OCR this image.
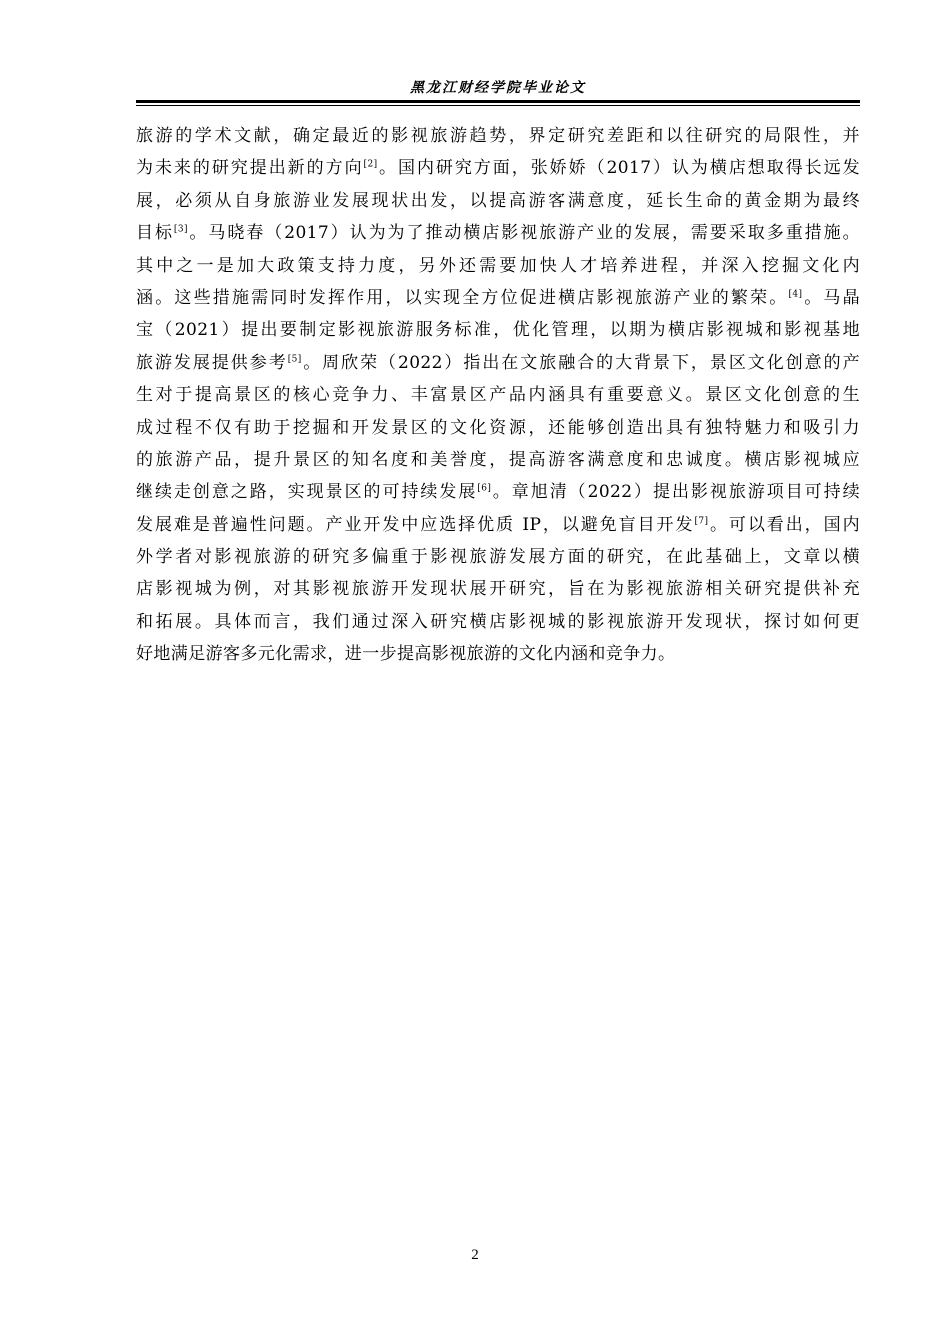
黑龙江财经学院毕业论文
旅游的学术文献，确定最近的影视旅游趋势，界定研究差距和以往研究的局限性，并
为未来的研究提出新的方向[2]。国内研究方面，张娇娇（2017）认为横店想取得长远发
展，必须从自身旅游业发展现状出发，以提高游客满意度，延长生命的黄金期为最终
目标[3]。马晓春（2017）认为为了推动横店影视旅游产业的发展，需要采取多重措施。
其中之一是加大政策支持力度，另外还需要加快人才培养进程，并深入挖掘文化内
涵。这些措施需同时发挥作用，以实现全方位促进横店影视旅游产业的繁荣。[4]。马晶
宝（2021）提出要制定影视旅游服务标准，优化管理，以期为横店影视城和影视基地
旅游发展提供参考[5]。周欣荣（2022）指出在文旅融合的大背景下，景区文化创意的产
生对于提高景区的核心竞争力、丰富景区产品内涵具有重要意义。景区文化创意的生
成过程不仅有助于挖掘和开发景区的文化资源，还能够创造出具有独特魅力和吸引力
的旅游产品，提升景区的知名度和美誉度，提高游客满意度和忠诚度。横店影视城应
继续走创意之路，实现景区的可持续发展[6]。章旭清（2022）提出影视旅游项目可持续
发展难是普遍性问题。产业开发中应选择优质 IP，以避免盲目开发[7]。可以看出，国内
外学者对影视旅游的研究多偏重于影视旅游发展方面的研究，在此基础上，文章以横
店影视城为例，对其影视旅游开发现状展开研究，旨在为影视旅游相关研究提供补充
和拓展。具体而言，我们通过深入研究横店影视城的影视旅游开发现状，探讨如何更
好地满足游客多元化需求，进一步提高影视旅游的文化内涵和竞争力。
2
